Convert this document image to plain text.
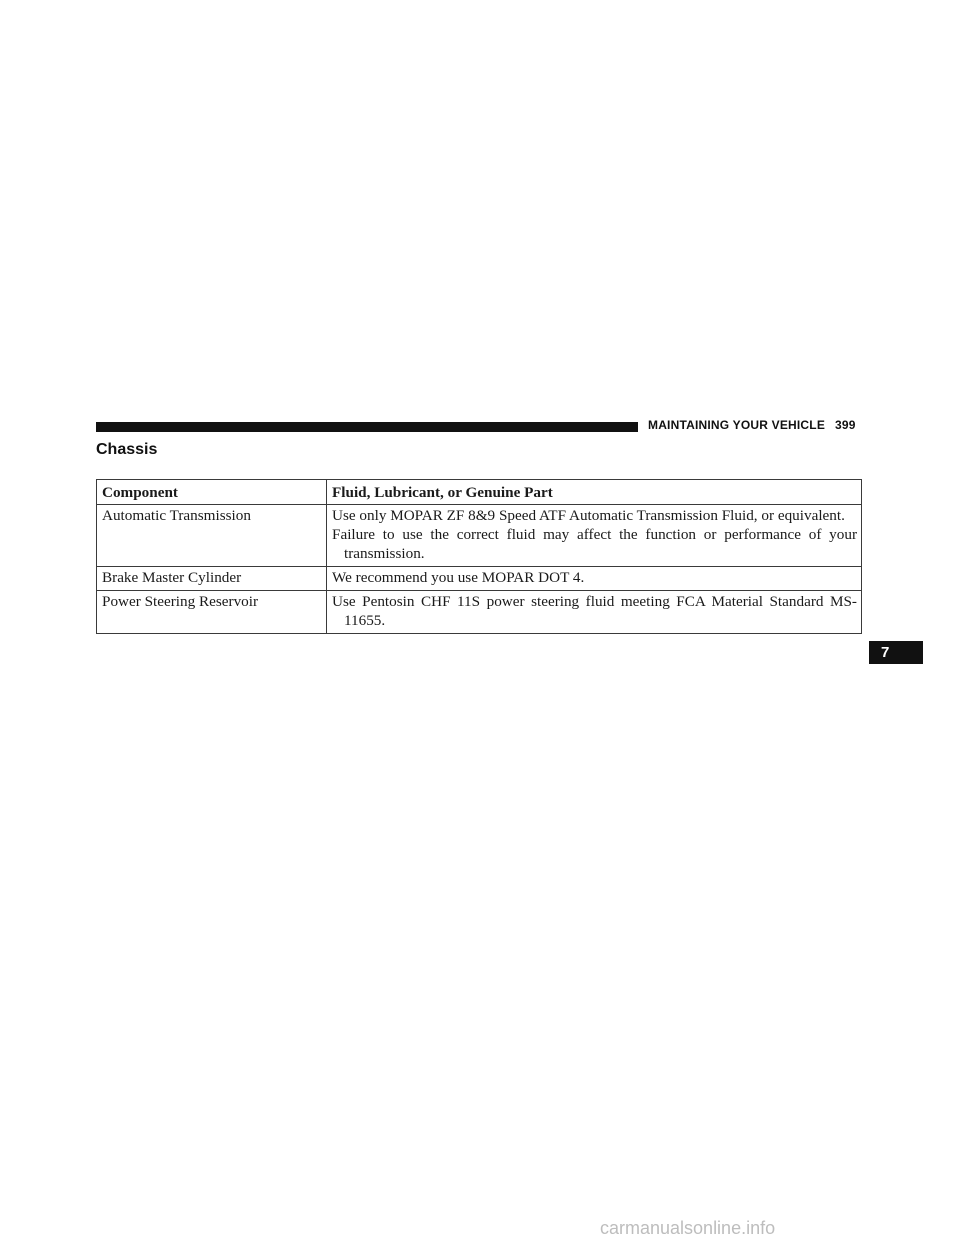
MAINTAINING YOUR VEHICLE 399
Chassis
Component	Fluid, Lubricant, or Genuine Part
Automatic Transmission	Use only MOPAR ZF 8&9 Speed ATF Automatic Transmission Fluid, or equivalent.
Failure to use the correct fluid may affect the function or performance of your transmission.

Brake Master Cylinder	We recommend you use MOPAR DOT 4.

Power Steering Reservoir	Use Pentosin CHF 11S power steering fluid meeting FCA Material Standard MS-11655.
7
carmanualsonline.info
